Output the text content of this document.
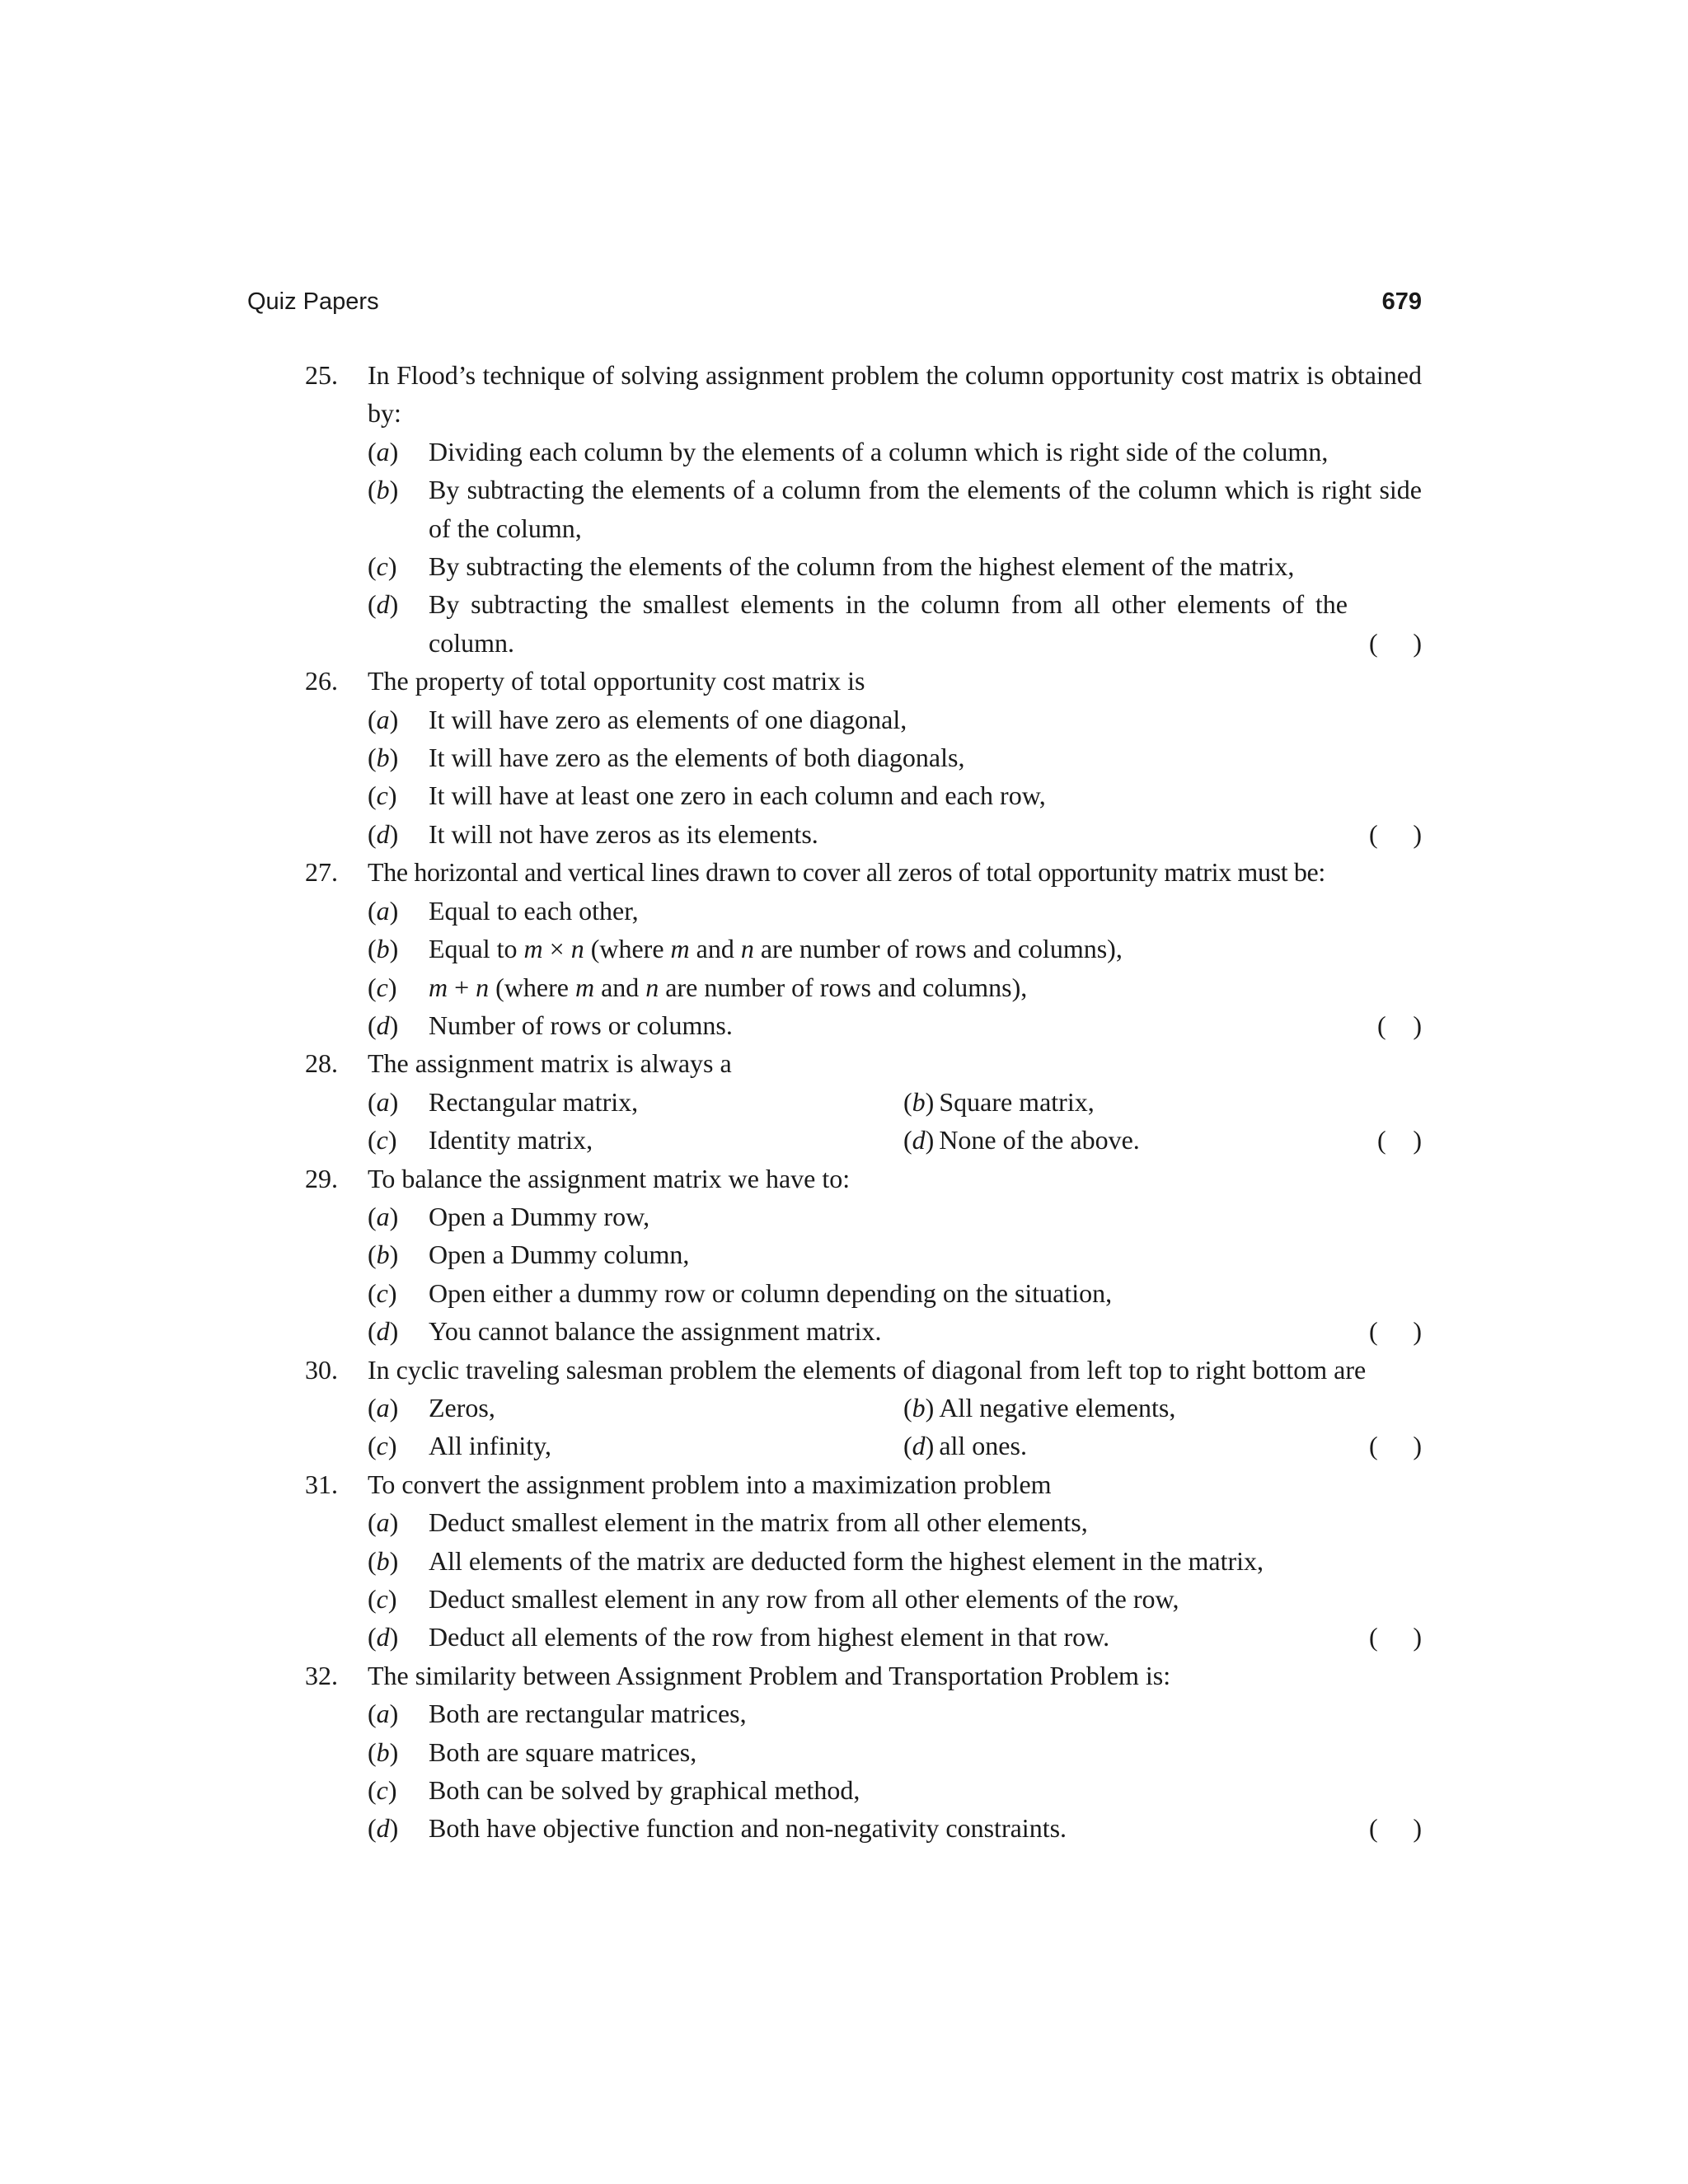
Quiz Papers	679
25.	In Flood’s technique of solving assignment problem the column opportunity cost matrix is obtained by:
(a)	Dividing each column by the elements of a column which is right side of the column,
(b)	By subtracting the elements of a column from the elements of the column which is right side of the column,
(c)	By subtracting the elements of the column from the highest element of the matrix,
(d)	By subtracting the smallest elements in the column from all other elements of the column.	( )
26.	The property of total opportunity cost matrix is
(a)	It will have zero as elements of one diagonal,
(b)	It will have zero as the elements of both diagonals,
(c)	It will have at least one zero in each column and each row,
(d)	It will not have zeros as its elements.	( )
27.	The horizontal and vertical lines drawn to cover all zeros of total opportunity matrix must be:
(a)	Equal to each other,
(b)	Equal to m × n (where m and n are number of rows and columns),
(c)	m + n (where m and n are number of rows and columns),
(d)	Number of rows or columns.	( )
28.	The assignment matrix is always a
(a)	Rectangular matrix,	(b) Square matrix,
(c)	Identity matrix,	(d) None of the above.	( )
29.	To balance the assignment matrix we have to:
(a)	Open a Dummy row,
(b)	Open a Dummy column,
(c)	Open either a dummy row or column depending on the situation,
(d)	You cannot balance the assignment matrix.	( )
30.	In cyclic traveling salesman problem the elements of diagonal from left top to right bottom are
(a)	Zeros,	(b) All negative elements,
(c)	All infinity,	(d) all ones.	( )
31.	To convert the assignment problem into a maximization problem
(a)	Deduct smallest element in the matrix from all other elements,
(b)	All elements of the matrix are deducted form the highest element in the matrix,
(c)	Deduct smallest element in any row from all other elements of the row,
(d)	Deduct all elements of the row from highest element in that row.	( )
32.	The similarity between Assignment Problem and Transportation Problem is:
(a)	Both are rectangular matrices,
(b)	Both are square matrices,
(c)	Both can be solved by graphical method,
(d)	Both have objective function and non-negativity constraints.	( )
